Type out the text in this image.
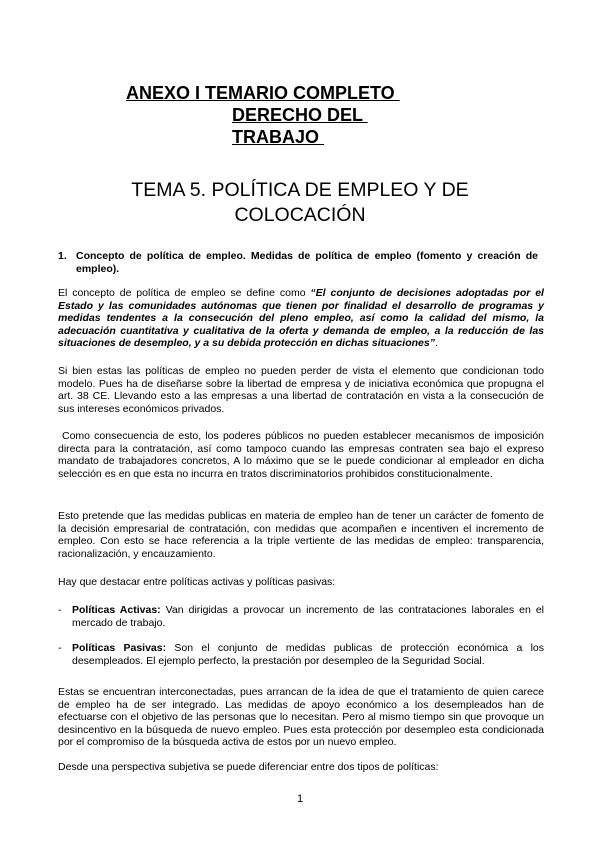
ANEXO I TEMARIO COMPLETO
DERECHO DEL
TRABAJO
TEMA 5. POLÍTICA DE EMPLEO Y DE
COLOCACIÓN
1. Concepto de política de empleo. Medidas de política de empleo (fomento y creación de empleo).
El concepto de política de empleo se define como “El conjunto de decisiones adoptadas por el Estado y las comunidades autónomas que tienen por finalidad el desarrollo de programas y medidas tendentes a la consecución del pleno empleo, así como la calidad del mismo, la adecuación cuantitativa y cualitativa de la oferta y demanda de empleo, a la reducción de las situaciones de desempleo, y a su debida protección en dichas situaciones”.
Si bien estas las políticas de empleo no pueden perder de vista el elemento que condicionan todo modelo. Pues ha de diseñarse sobre la libertad de empresa y de iniciativa económica que propugna el art. 38 CE. Llevando esto a las empresas a una libertad de contratación en vista a la consecución de sus intereses económicos privados.
Como consecuencia de esto, los poderes públicos no pueden establecer mecanismos de imposición directa para la contratación, así como tampoco cuando las empresas contraten sea bajo el expreso mandato de trabajadores concretos, A lo máximo que se le puede condicionar al empleador en dicha selección es en que esta no incurra en tratos discriminatorios prohibidos constitucionalmente.
Esto pretende que las medidas publicas en materia de empleo han de tener un carácter de fomento de la decisión empresarial de contratación, con medidas que acompañen e incentiven el incremento de empleo. Con esto se hace referencia a la triple vertiente de las medidas de empleo: transparencia, racionalización, y encauzamiento.
Hay que destacar entre políticas activas y políticas pasivas:
- Políticas Activas: Van dirigidas a provocar un incremento de las contrataciones laborales en el mercado de trabajo.
- Políticas Pasivas: Son el conjunto de medidas publicas de protección económica a los desempleados. El ejemplo perfecto, la prestación por desempleo de la Seguridad Social.
Estas se encuentran interconectadas, pues arrancan de la idea de que el tratamiento de quien carece de empleo ha de ser integrado. Las medidas de apoyo económico a los desempleados han de efectuarse con el objetivo de las personas que lo necesitan. Pero al mismo tiempo sin que provoque un desincentivo en la búsqueda de nuevo empleo. Pues esta protección por desempleo esta condicionada por el compromiso de la búsqueda activa de estos por un nuevo empleo.
Desde una perspectiva subjetiva se puede diferenciar entre dos tipos de políticas:
1
